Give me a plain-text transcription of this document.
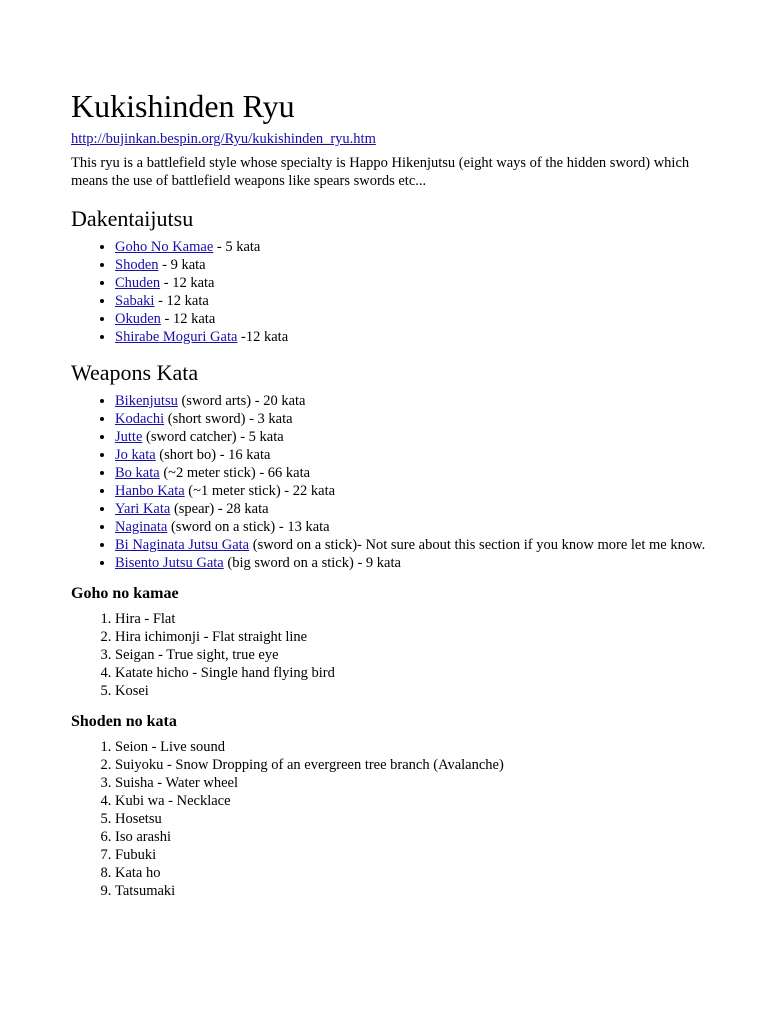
Kukishinden Ryu
http://bujinkan.bespin.org/Ryu/kukishinden_ryu.htm

This ryu is a battlefield style whose specialty is Happo Hikenjutsu (eight ways of the hidden sword) which means the use of battlefield weapons like spears swords etc...

Dakentaijutsu
• Goho No Kamae - 5 kata
• Shoden - 9 kata
• Chuden - 12 kata
• Sabaki - 12 kata
• Okuden - 12 kata
• Shirabe Moguri Gata -12 kata
Weapons Kata
• Bikenjutsu (sword arts) - 20 kata
• Kodachi (short sword) - 3 kata
• Jutte (sword catcher) - 5 kata
• Jo kata (short bo) - 16 kata
• Bo kata (~2 meter stick) - 66 kata
• Hanbo Kata (~1 meter stick) - 22 kata
• Yari Kata (spear) - 28 kata
• Naginata (sword on a stick) - 13 kata
• Bi Naginata Jutsu Gata (sword on a stick)- Not sure about this section if you know more let me know.
• Bisento Jutsu Gata (big sword on a stick) - 9 kata
Goho no kamae
1. Hira - Flat
2. Hira ichimonji - Flat straight line
3. Seigan - True sight, true eye
4. Katate hicho - Single hand flying bird
5. Kosei
Shoden no kata
1. Seion - Live sound
2. Suiyoku - Snow Dropping of an evergreen tree branch (Avalanche)
3. Suisha - Water wheel
4. Kubi wa - Necklace
5. Hosetsu
6. Iso arashi
7. Fubuki
8. Kata ho
9. Tatsumaki
